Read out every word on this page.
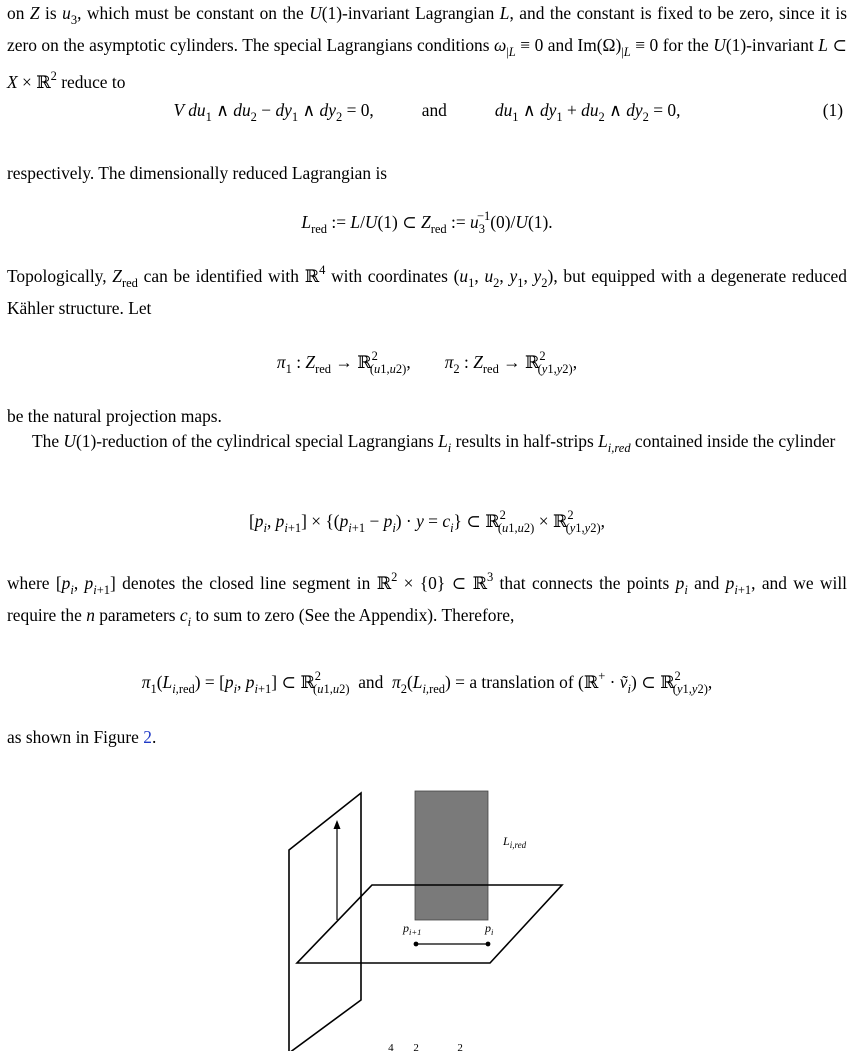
on Z is $u_3$, which must be constant on the U(1)-invariant Lagrangian L, and the constant is fixed to be zero, since it is zero on the asymptotic cylinders. The special Lagrangians conditions $\omega_{|L} \equiv 0$ and $Im(\Omega)_{|L} \equiv 0$ for the U(1)-invariant L ⊂ X × ℝ$^2$ reduce to

V $du_1$ ∧ $du_2 - dy_1$ ∧ $dy_2 = 0$,	and	$du_1$ ∧ $dy_1 + du_2$ ∧ $dy_2 = 0$,	(1)

respectively. The dimensionally reduced Lagrangian is

$L_{red}$ := L/U(1) ⊂ $Z_{red}$ := $u_3^{-1}(0)/U(1)$.

Topologically, $Z_{red}$ can be identified with ℝ$^4$ with coordinates ($u_1$, $u_2$, $y_1$, $y_2$), but equipped with a degenerate reduced Kähler structure. Let

$\pi_1$ : $Z_{red}$ → ℝ$^2_{(u1,u2)}$, $\pi_2$ : $Z_{red}$ → ℝ$^2_{(y1,y2)}$,

be the natural projection maps.

The U(1)-reduction of the cylindrical special Lagrangians $L_i$ results in half-strips $L_{i,red}$ contained inside the cylinder

[$p_i$, $p_{i+1}] \times \{(p_{i+1} - p_i) \cdot y = c_i\}$ ⊂ ℝ$^2_{(u1,u2)}$ × ℝ$^2_{(y1,y2)}$,

where [$p_i$, $p_{i+1}$] denotes the closed line segment in ℝ$^2$ × {0} ⊂ ℝ$^3$ that connects the points $p_i$ and $p_{i+1}$, and we will require the n parameters $c_i$ to sum to zero (See the Appendix). Therefore,

$\pi_1(L_{i,red}) = [p_i$, $p_{i+1}$] ⊂ ℝ$^2_{(u1,u2)}$  and  $\pi_2(L_{i,red}) = a$ translation of (ℝ+ · ṽ$_i$) ⊂ ℝ$^2_{(y1,y2)}$,

as shown in Figure 2.

$L_{i,red}$
$p_{i+1}$	$p_i$
4     2          2
